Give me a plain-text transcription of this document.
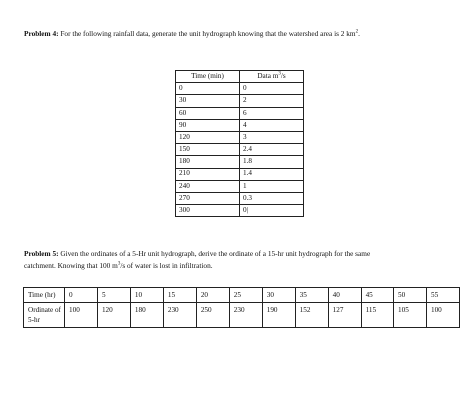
Problem 4: For the following rainfall data, generate the unit hydrograph knowing that the watershed area is 2 $km^2$.
Time (min)	Data $m^3/s$
0	0
30	2
60	6
90	4
120	3
150	2.4
180	1.8
210	1.4
240	1
270	0.3
300	0|
Problem 5: Given the ordinates of a 5-Hr unit hydrograph, derive the ordinate of a 15-hr unit hydrograph for the same
catchment. Knowing that 100 $m^3/s$ of water is lost in infiltration.
Time (hr)	0	5	10	15	20	25	30	35	40	45	50	55
Ordinate of 5-hr	100	120	180	230	250	230	190	152	127	115	105	100
